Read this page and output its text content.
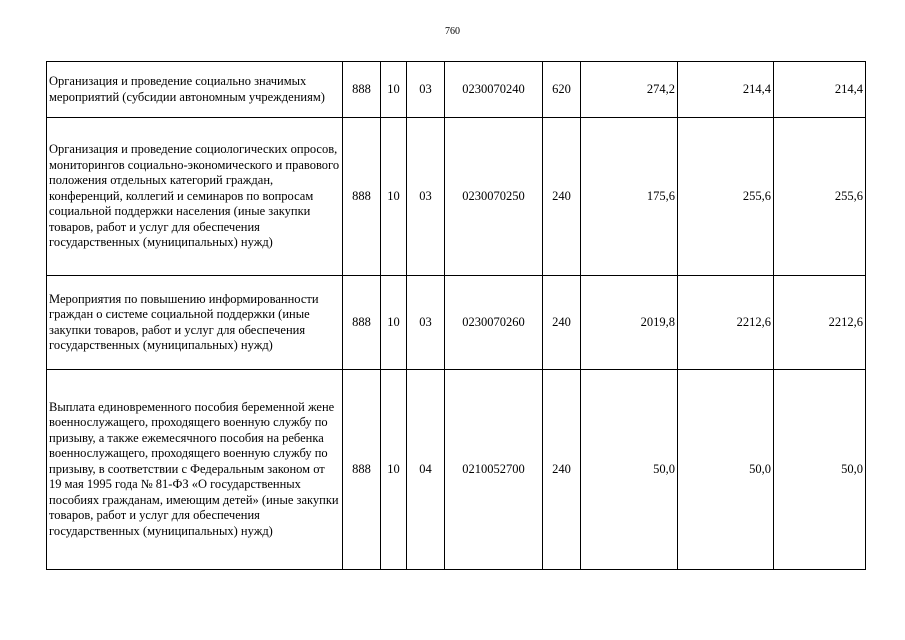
760
Организация и проведение социально значимых мероприятий (субсидии автономным учреждениям)	888	10	03	0230070240	620	274,2	214,4	214,4
Организация и проведение социологических опросов, мониторингов социально-экономического и правового положения отдельных категорий граждан, конференций, коллегий и семинаров по вопросам социальной поддержки населения (иные закупки товаров, работ и услуг для обеспечения государственных (муниципальных) нужд)	888	10	03	0230070250	240	175,6	255,6	255,6
Мероприятия по повышению информированности граждан о системе социальной поддержки (иные закупки товаров, работ и услуг для обеспечения государственных (муниципальных) нужд)	888	10	03	0230070260	240	2019,8	2212,6	2212,6
Выплата единовременного пособия беременной жене военнослужащего, проходящего военную службу по призыву, а также ежемесячного пособия на ребенка военнослужащего, проходящего военную службу по призыву, в соответствии с Федеральным законом от 19 мая 1995 года № 81-ФЗ «О государственных пособиях гражданам, имеющим детей» (иные закупки товаров, работ и услуг для обеспечения государственных (муниципальных) нужд)	888	10	04	0210052700	240	50,0	50,0	50,0
